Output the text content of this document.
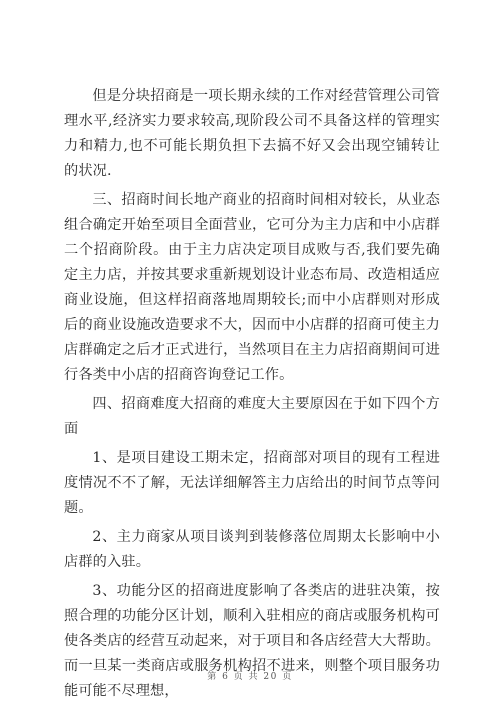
但是分块招商是一项长期永续的工作对经营管理公司管理水平,经济实力要求较高,现阶段公司不具备这样的管理实力和精力,也不可能长期负担下去搞不好又会出现空铺转让的状况.

三、招商时间长地产商业的招商时间相对较长，从业态组合确定开始至项目全面营业，它可分为主力店和中小店群二个招商阶段。由于主力店决定项目成败与否,我们要先确定主力店，并按其要求重新规划设计业态布局、改造相适应商业设施，但这样招商落地周期较长;而中小店群则对形成后的商业设施改造要求不大，因而中小店群的招商可使主力店群确定之后才正式进行，当然项目在主力店招商期间可进行各类中小店的招商咨询登记工作。

四、招商难度大招商的难度大主要原因在于如下四个方面

1、是项目建设工期未定，招商部对项目的现有工程进度情况不不了解，无法详细解答主力店给出的时间节点等问题。

2、主力商家从项目谈判到装修落位周期太长影响中小店群的入驻。

3、功能分区的招商进度影响了各类店的进驻决策，按照合理的功能分区计划，顺利入驻相应的商店或服务机构可使各类店的经营互动起来，对于项目和各店经营大大帮助。而一旦某一类商店或服务机构招不进来，则整个项目服务功能可能不尽理想，

第 6 页 共 20 页
